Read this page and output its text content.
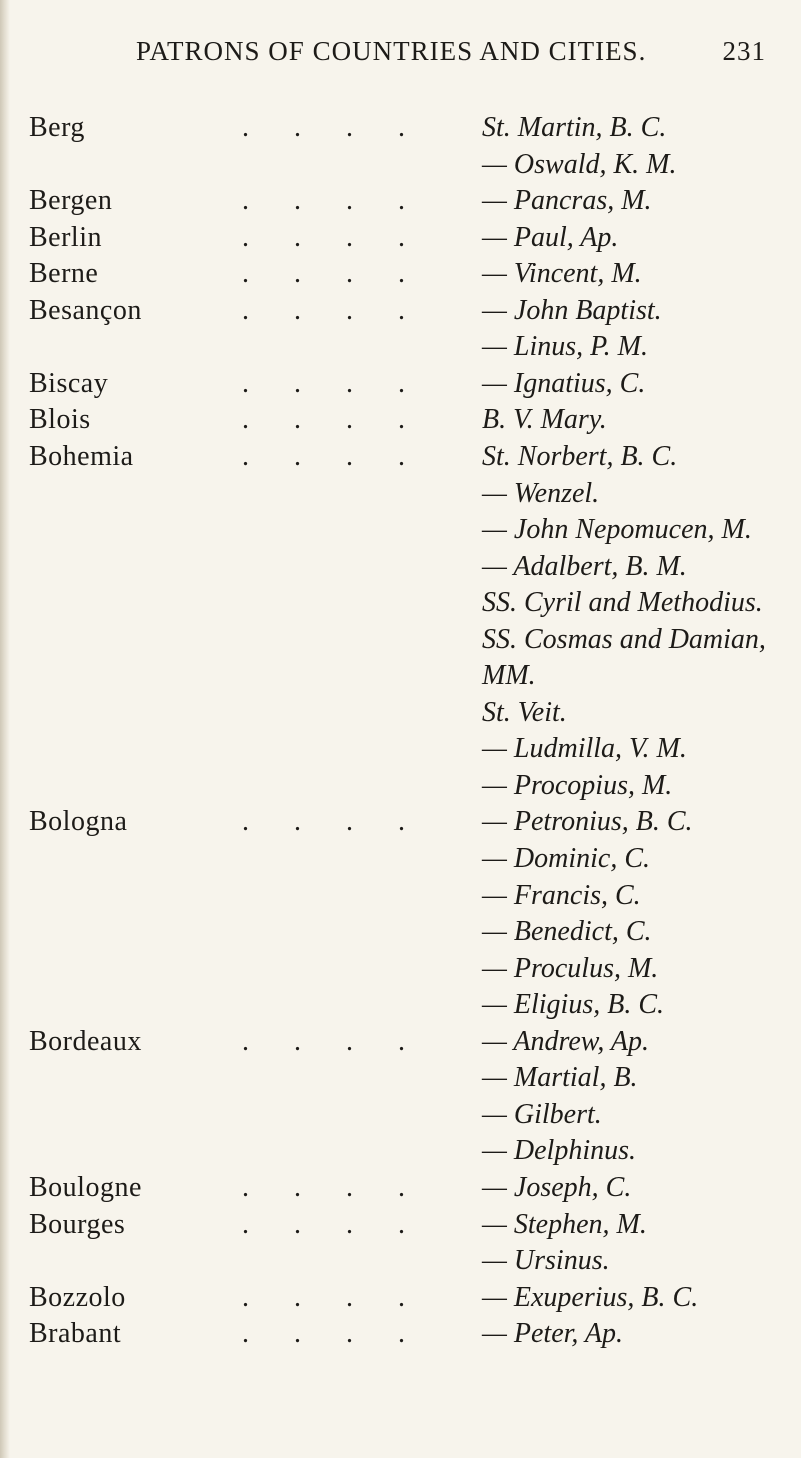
PATRONS OF COUNTRIES AND CITIES.	231
Berg	. . . . St. Martin, B. C.
— Oswald, K. M.
Bergen	. . . . — Pancras, M.
Berlin	. . . . — Paul, Ap.
Berne	. . . . — Vincent, M.
Besançon	. . . . — John Baptist.
— Linus, P. M.
Biscay	. . . . — Ignatius, C.
Blois	. . . . B. V. Mary.
Bohemia	. . . . St. Norbert, B. C.
— Wenzel.
— John Nepomucen, M.
— Adalbert, B. M.
SS. Cyril and Methodius.
SS. Cosmas and Damian,
MM.
St. Veit.
— Ludmilla, V. M.
— Procopius, M.
Bologna	. . . . — Petronius, B. C.
— Dominic, C.
— Francis, C.
— Benedict, C.
— Proculus, M.
— Eligius, B. C.
Bordeaux	. . . . — Andrew, Ap.
— Martial, B.
— Gilbert.
— Delphinus.
Boulogne	. . . . — Joseph, C.
Bourges	. . . . — Stephen, M.
— Ursinus.
Bozzolo	. . . . — Exuperius, B. C.
Brabant	. . . . — Peter, Ap.
